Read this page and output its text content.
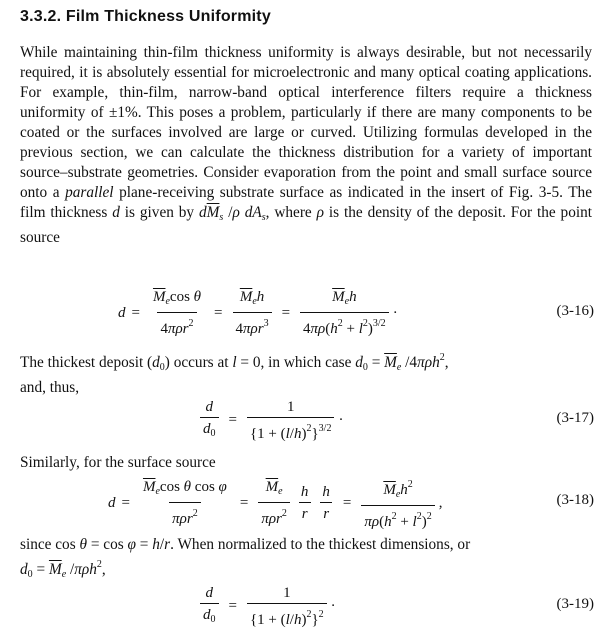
3.3.2. Film Thickness Uniformity

While maintaining thin-film thickness uniformity is always desirable, but not necessarily required, it is absolutely essential for microelectronic and many optical coating applications. For example, thin-film, narrow-band optical interference filters require a thickness uniformity of ±1%. This poses a problem, particularly if there are many components to be coated or the surfaces involved are large or curved. Utilizing formulas developed in the previous section, we can calculate the thickness distribution for a variety of important source–substrate geometries. Consider evaporation from the point and small surface source onto a parallel plane-receiving substrate surface as indicated in the insert of Fig. 3-5. The film thickness d is given by $d\overline{M}_s$ /ρ $dA_s$, where ρ is the density of the deposit. For the point source

$d = \frac{\overline{M}_e\cos \theta}{4\pi\rho r^2} = \frac{\overline{M}_eh}{4\pi\rho r^3} = \frac{\overline{M}_eh}{4\pi\rho(h^2 + l^2)^{3/2}}$ ·	(3-16)

The thickest deposit $(d_0)$ occurs at l = 0, in which case $d_0 = \overline{M}_e$ /4πρh$^2$,
and, thus,

$\frac{d}{d_0} = \frac{1}{\{1 + (l/h)^2\}^{3/2}}$ ·	(3-17)

Similarly, for the surface source

$d = \frac{\overline{M}_e\cos \theta \cos \varphi}{\pi\rho r^2} = \frac{\overline{M}_e}{\pi\rho r^2} \frac{h}{r} \frac{h}{r} = \frac{\overline{M}_eh^2}{\pi\rho(h^2 + l^2)^2}$ ,	(3-18)

since cos θ = cos φ = h/r. When normalized to the thickest dimensions, or
$d_0 = \overline{M}_e$ /πρh$^2$,

$\frac{d}{d_0} = \frac{1}{\{1 + (l/h)^2\}^2}$ ·	(3-19)
